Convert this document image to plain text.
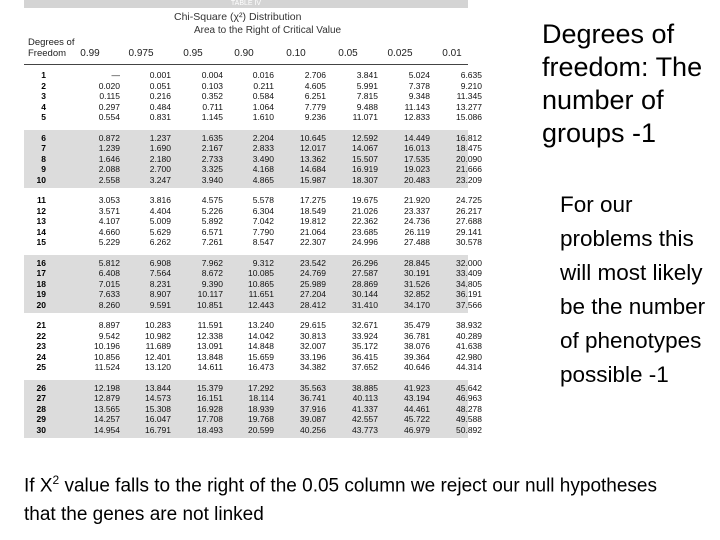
TABLE IV
Chi-Square (χ²) Distribution
Area to the Right of Critical Value
Degrees of Freedom	0.99	0.975	0.95	0.90	0.10	0.05	0.025	0.01
1	—	0.001	0.004	0.016	2.706	3.841	5.024	6.635
2	0.020	0.051	0.103	0.211	4.605	5.991	7.378	9.210
3	0.115	0.216	0.352	0.584	6.251	7.815	9.348	11.345
4	0.297	0.484	0.711	1.064	7.779	9.488	11.143	13.277
5	0.554	0.831	1.145	1.610	9.236	11.071	12.833	15.086
6	0.872	1.237	1.635	2.204	10.645	12.592	14.449	16.812
7	1.239	1.690	2.167	2.833	12.017	14.067	16.013	18.475
8	1.646	2.180	2.733	3.490	13.362	15.507	17.535	20.090
9	2.088	2.700	3.325	4.168	14.684	16.919	19.023	21.666
10	2.558	3.247	3.940	4.865	15.987	18.307	20.483	23.209
11	3.053	3.816	4.575	5.578	17.275	19.675	21.920	24.725
12	3.571	4.404	5.226	6.304	18.549	21.026	23.337	26.217
13	4.107	5.009	5.892	7.042	19.812	22.362	24.736	27.688
14	4.660	5.629	6.571	7.790	21.064	23.685	26.119	29.141
15	5.229	6.262	7.261	8.547	22.307	24.996	27.488	30.578
16	5.812	6.908	7.962	9.312	23.542	26.296	28.845	32.000
17	6.408	7.564	8.672	10.085	24.769	27.587	30.191	33.409
18	7.015	8.231	9.390	10.865	25.989	28.869	31.526	34.805
19	7.633	8.907	10.117	11.651	27.204	30.144	32.852	36.191
20	8.260	9.591	10.851	12.443	28.412	31.410	34.170	37.566
21	8.897	10.283	11.591	13.240	29.615	32.671	35.479	38.932
22	9.542	10.982	12.338	14.042	30.813	33.924	36.781	40.289
23	10.196	11.689	13.091	14.848	32.007	35.172	38.076	41.638
24	10.856	12.401	13.848	15.659	33.196	36.415	39.364	42.980
25	11.524	13.120	14.611	16.473	34.382	37.652	40.646	44.314
26	12.198	13.844	15.379	17.292	35.563	38.885	41.923	45.642
27	12.879	14.573	16.151	18.114	36.741	40.113	43.194	46.963
28	13.565	15.308	16.928	18.939	37.916	41.337	44.461	48.278
29	14.257	16.047	17.708	19.768	39.087	42.557	45.722	49.588
30	14.954	16.791	18.493	20.599	40.256	43.773	46.979	50.892
Degrees of freedom: The number of groups -1
For our problems this will most likely be the number of phenotypes possible -1
If $X^2$ value falls to the right of the 0.05 column we reject our null hypotheses that the genes are not linked
